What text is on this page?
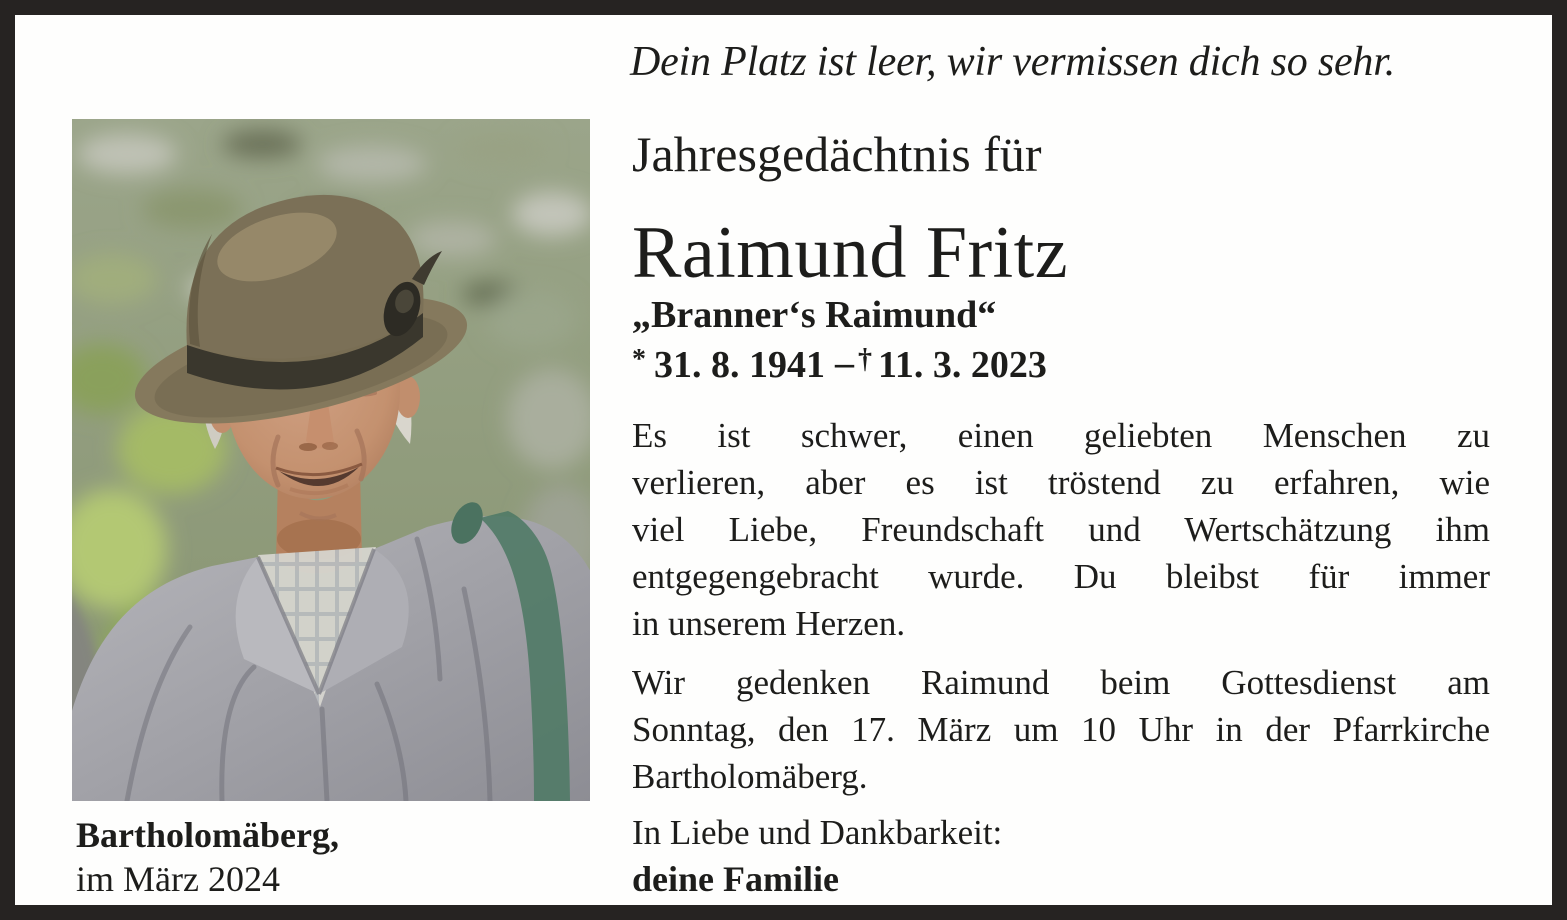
Dein Platz ist leer, wir vermissen dich so sehr.
Jahresgedächtnis für
Raimund Fritz
„Branner‘s Raimund“
* 31. 8. 1941 – † 11. 3. 2023
Es ist schwer, einen geliebten Menschen zu
verlieren, aber es ist tröstend zu erfahren, wie
viel Liebe, Freundschaft und Wertschätzung ihm
entgegengebracht wurde. Du bleibst für immer
in unserem Herzen.
Wir gedenken Raimund beim Gottesdienst am
Sonntag, den 17. März um 10 Uhr in der Pfarrkirche
Bartholomäberg.
In Liebe und Dankbarkeit:
deine Familie
Bartholomäberg,
im März 2024
